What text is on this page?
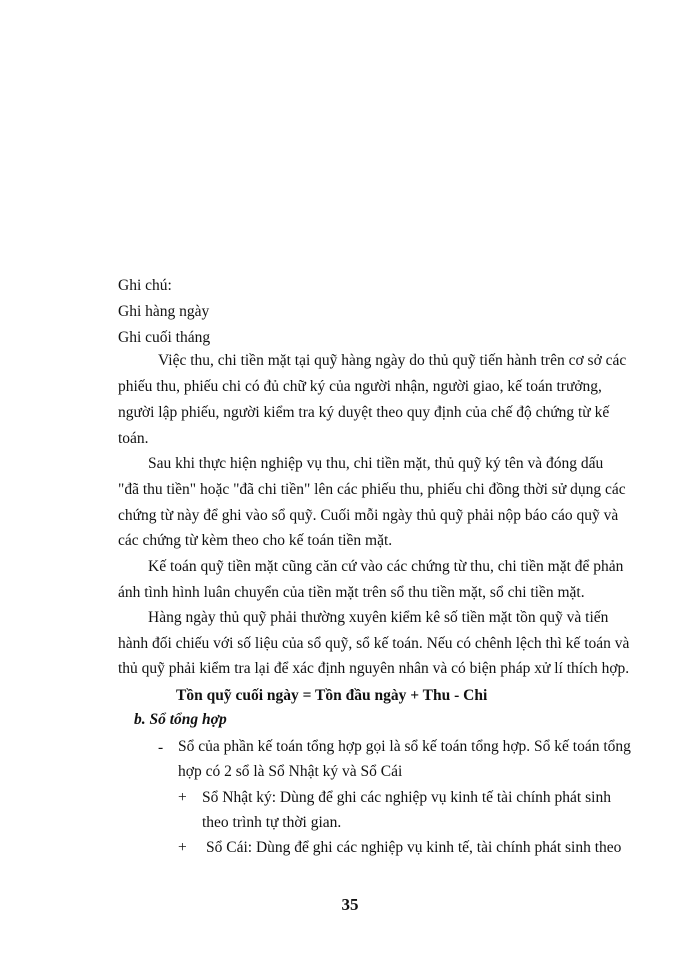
Ghi chú:
Ghi hàng ngày
Ghi cuối tháng
Việc thu, chi tiền mặt tại quỹ hàng ngày do thủ quỹ tiến hành trên cơ sở các
phiếu thu, phiếu chi có đủ chữ ký của người nhận, người giao, kế toán trưởng,
người lập phiếu, người kiểm tra ký duyệt theo quy định của chế độ chứng từ kế
toán.
Sau khi thực hiện nghiệp vụ thu, chi tiền mặt, thủ quỹ ký tên và đóng dấu
"đã thu tiền" hoặc "đã chi tiền" lên các phiếu thu, phiếu chi đồng thời sử dụng các
chứng từ này để ghi vào sổ quỹ. Cuối mỗi ngày thủ quỹ phải nộp báo cáo quỹ và
các chứng từ kèm theo cho kế toán tiền mặt.
Kế toán quỹ tiền mặt cũng căn cứ vào các chứng từ thu, chi tiền mặt để phản
ánh tình hình luân chuyển của tiền mặt trên sổ thu tiền mặt, sổ chi tiền mặt.
Hàng ngày thủ quỹ phải thường xuyên kiểm kê số tiền mặt tồn quỹ và tiến
hành đối chiếu với số liệu của sổ quỹ, sổ kế toán. Nếu có chênh lệch thì kế toán và
thủ quỹ phải kiểm tra lại để xác định nguyên nhân và có biện pháp xử lí thích hợp.
Tồn quỹ cuối ngày = Tồn đầu ngày + Thu - Chi
b. Sổ tổng hợp
- Sổ của phần kế toán tổng hợp gọi là sổ kế toán tổng hợp. Sổ kế toán tổng
hợp có 2 sổ là Sổ Nhật ký và Sổ Cái
+ Sổ Nhật ký: Dùng để ghi các nghiệp vụ kinh tế tài chính phát sinh
theo trình tự thời gian.
+ Sổ Cái: Dùng để ghi các nghiệp vụ kinh tế, tài chính phát sinh theo
35
